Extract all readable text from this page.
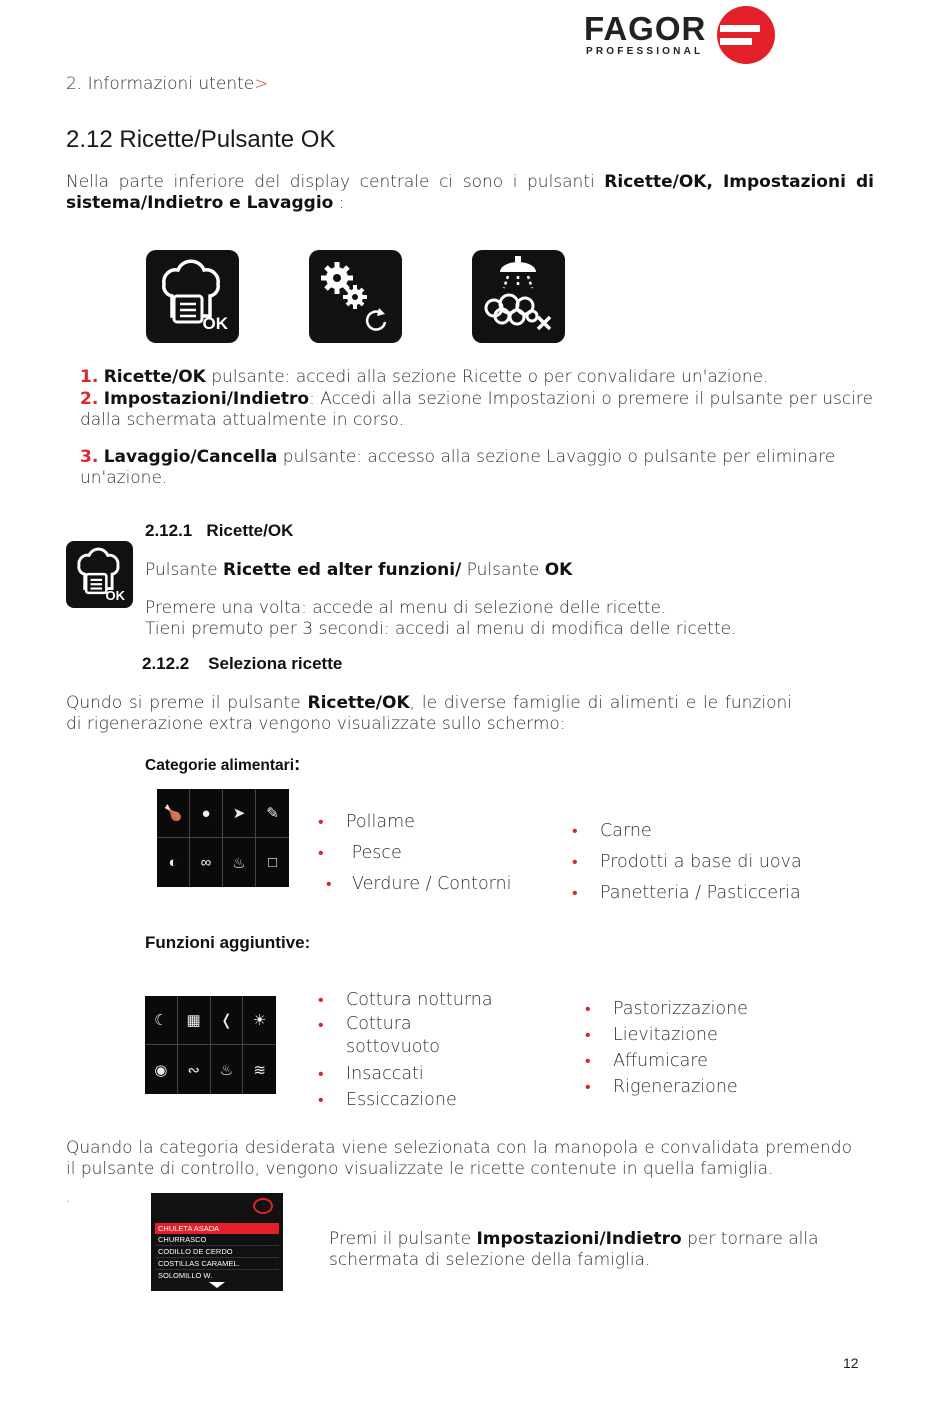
FAGOR
PROFESSIONAL
2. Informazioni utente>
2.12 Ricette/Pulsante OK
Nella parte inferiore del display centrale ci sono i pulsanti Ricette/OK, Impostazioni di sistema/Indietro e Lavaggio :
OK
1. Ricette/OK pulsante: accedi alla sezione Ricette o per convalidare un'azione.
2. Impostazioni/Indietro: Accedi alla sezione Impostazioni o premere il pulsante per uscire dalla schermata attualmente in corso.
3. Lavaggio/Cancella pulsante: accesso alla sezione Lavaggio o pulsante per eliminare un'azione.
2.12.1   Ricette/OK
OK
Pulsante Ricette ed alter funzioni/ Pulsante OK
Premere una volta: accede al menu di selezione delle ricette.
Tieni premuto per 3 secondi: accedi al menu di modifica delle ricette.
2.12.2    Seleziona ricette
Qundo si preme il pulsante Ricette/OK, le diverse famiglie di alimenti e le funzioni di rigenerazione extra vengono visualizzate sullo schermo:
Categorie alimentari:
🍗	●	➤	✎
◐	∞	♨	□
• Pollame
• Pesce
• Verdure / Contorni
• Carne
• Prodotti a base di uova
• Panetteria / Pasticceria
Funzioni aggiuntive:
☾	▦	❬	☀
◉	∾	♨	≋
• Cottura notturna
•	Cottura sottovuoto
• Insaccati
• Essiccazione
• Pastorizzazione
• Lievitazione
• Affumicare
• Rigenerazione
Quando la categoria desiderata viene selezionata con la manopola e convalidata premendo il pulsante di controllo, vengono visualizzate le ricette contenute in quella famiglia.
.
CHULETA ASADA
CHURRASCO
CODILLO DE CERDO
COSTILLAS CARAMEL.
SOLOMILLO W.
Premi il pulsante Impostazioni/Indietro per tornare alla schermata di selezione della famiglia.
12
